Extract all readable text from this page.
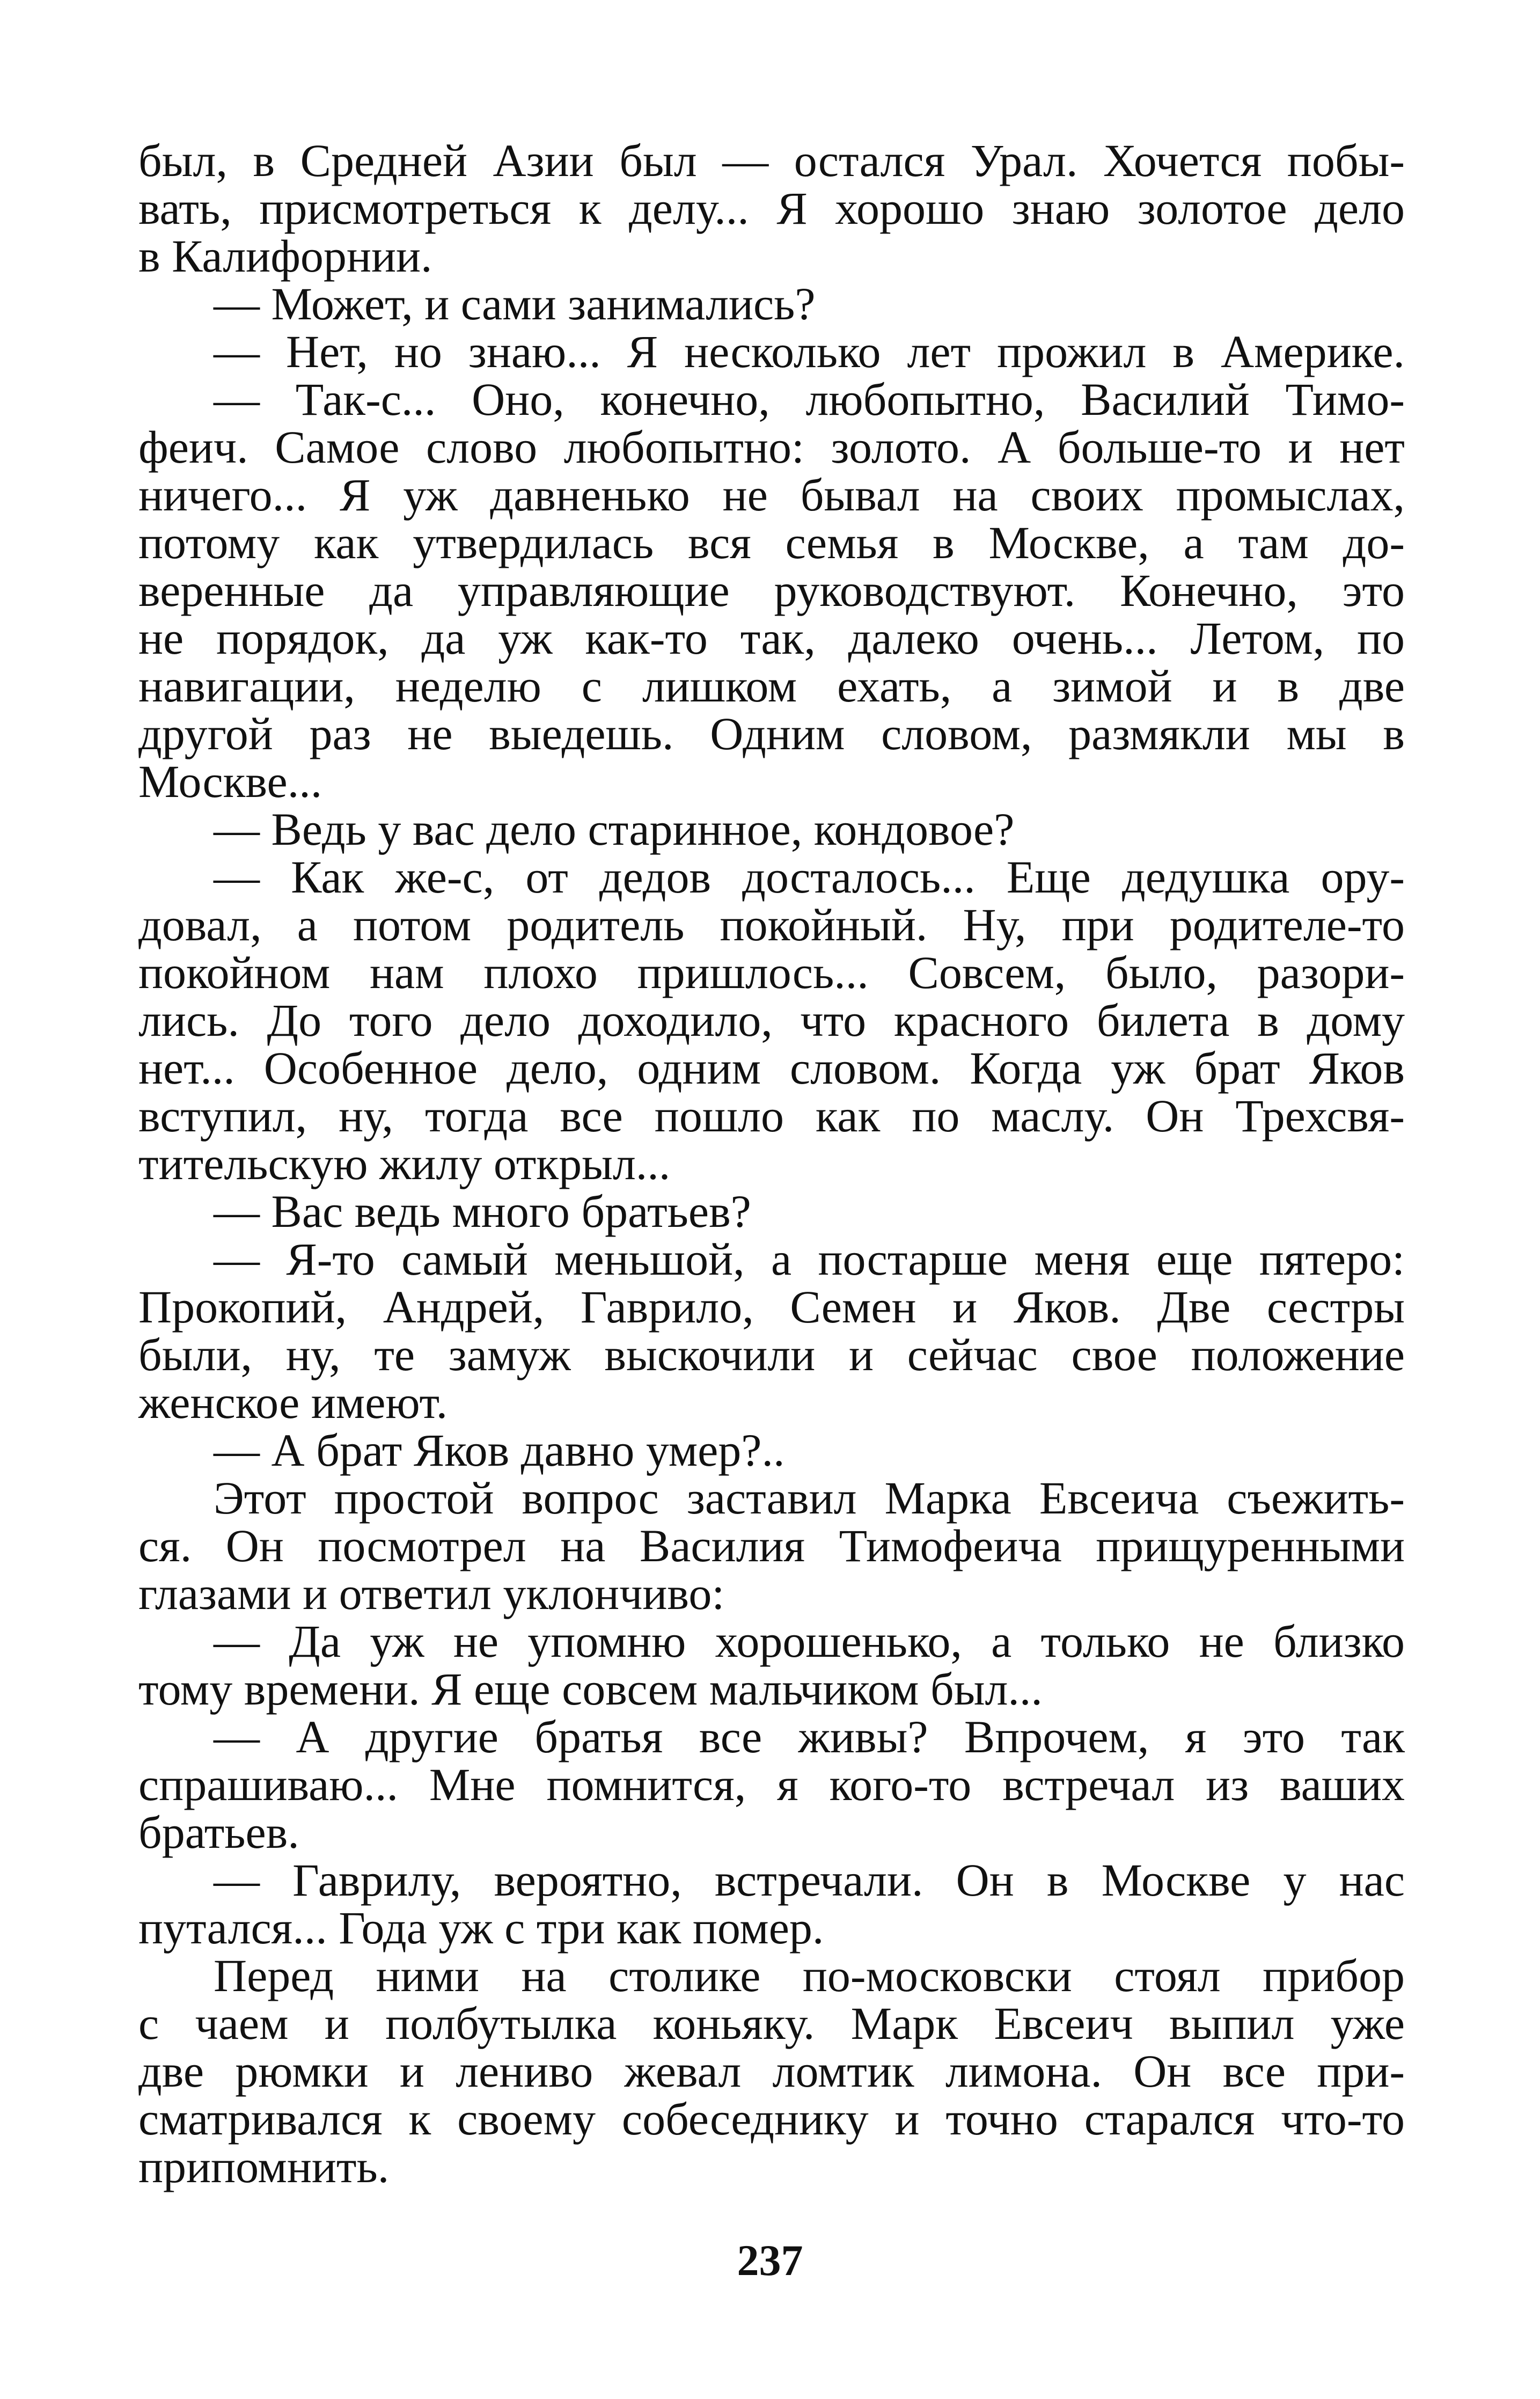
был, в Средней Азии был — остался Урал. Хочется побы-
вать, присмотреться к делу... Я хорошо знаю золотое дело
в Калифорнии.
— Может, и сами занимались?
— Нет, но знаю... Я несколько лет прожил в Америке.
— Так-с... Оно, конечно, любопытно, Василий Тимо-
феич. Самое слово любопытно: золото. А больше-то и нет
ничего... Я уж давненько не бывал на своих промыслах,
потому как утвердилась вся семья в Москве, а там до-
веренные да управляющие руководствуют. Конечно, это
не порядок, да уж как-то так, далеко очень... Летом, по
навигации, неделю с лишком ехать, а зимой и в две
другой раз не выедешь. Одним словом, размякли мы в
Москве...
— Ведь у вас дело старинное, кондовое?
— Как же-с, от дедов досталось... Еще дедушка ору-
довал, а потом родитель покойный. Ну, при родителе-то
покойном нам плохо пришлось... Совсем, было, разори-
лись. До того дело доходило, что красного билета в дому
нет... Особенное дело, одним словом. Когда уж брат Яков
вступил, ну, тогда все пошло как по маслу. Он Трехсвя-
тительскую жилу открыл...
— Вас ведь много братьев?
— Я-то самый меньшой, а постарше меня еще пятеро:
Прокопий, Андрей, Гаврило, Семен и Яков. Две сестры
были, ну, те замуж выскочили и сейчас свое положение
женское имеют.
— А брат Яков давно умер?..
Этот простой вопрос заставил Марка Евсеича съежить-
ся. Он посмотрел на Василия Тимофеича прищуренными
глазами и ответил уклончиво:
— Да уж не упомню хорошенько, а только не близко
тому времени. Я еще совсем мальчиком был...
— А другие братья все живы? Впрочем, я это так
спрашиваю... Мне помнится, я кого-то встречал из ваших
братьев.
— Гаврилу, вероятно, встречали. Он в Москве у нас
путался... Года уж с три как помер.
Перед ними на столике по-московски стоял прибор
с чаем и полбутылка коньяку. Марк Евсеич выпил уже
две рюмки и лениво жевал ломтик лимона. Он все при-
сматривался к своему собеседнику и точно старался что-то
припомнить.
237
